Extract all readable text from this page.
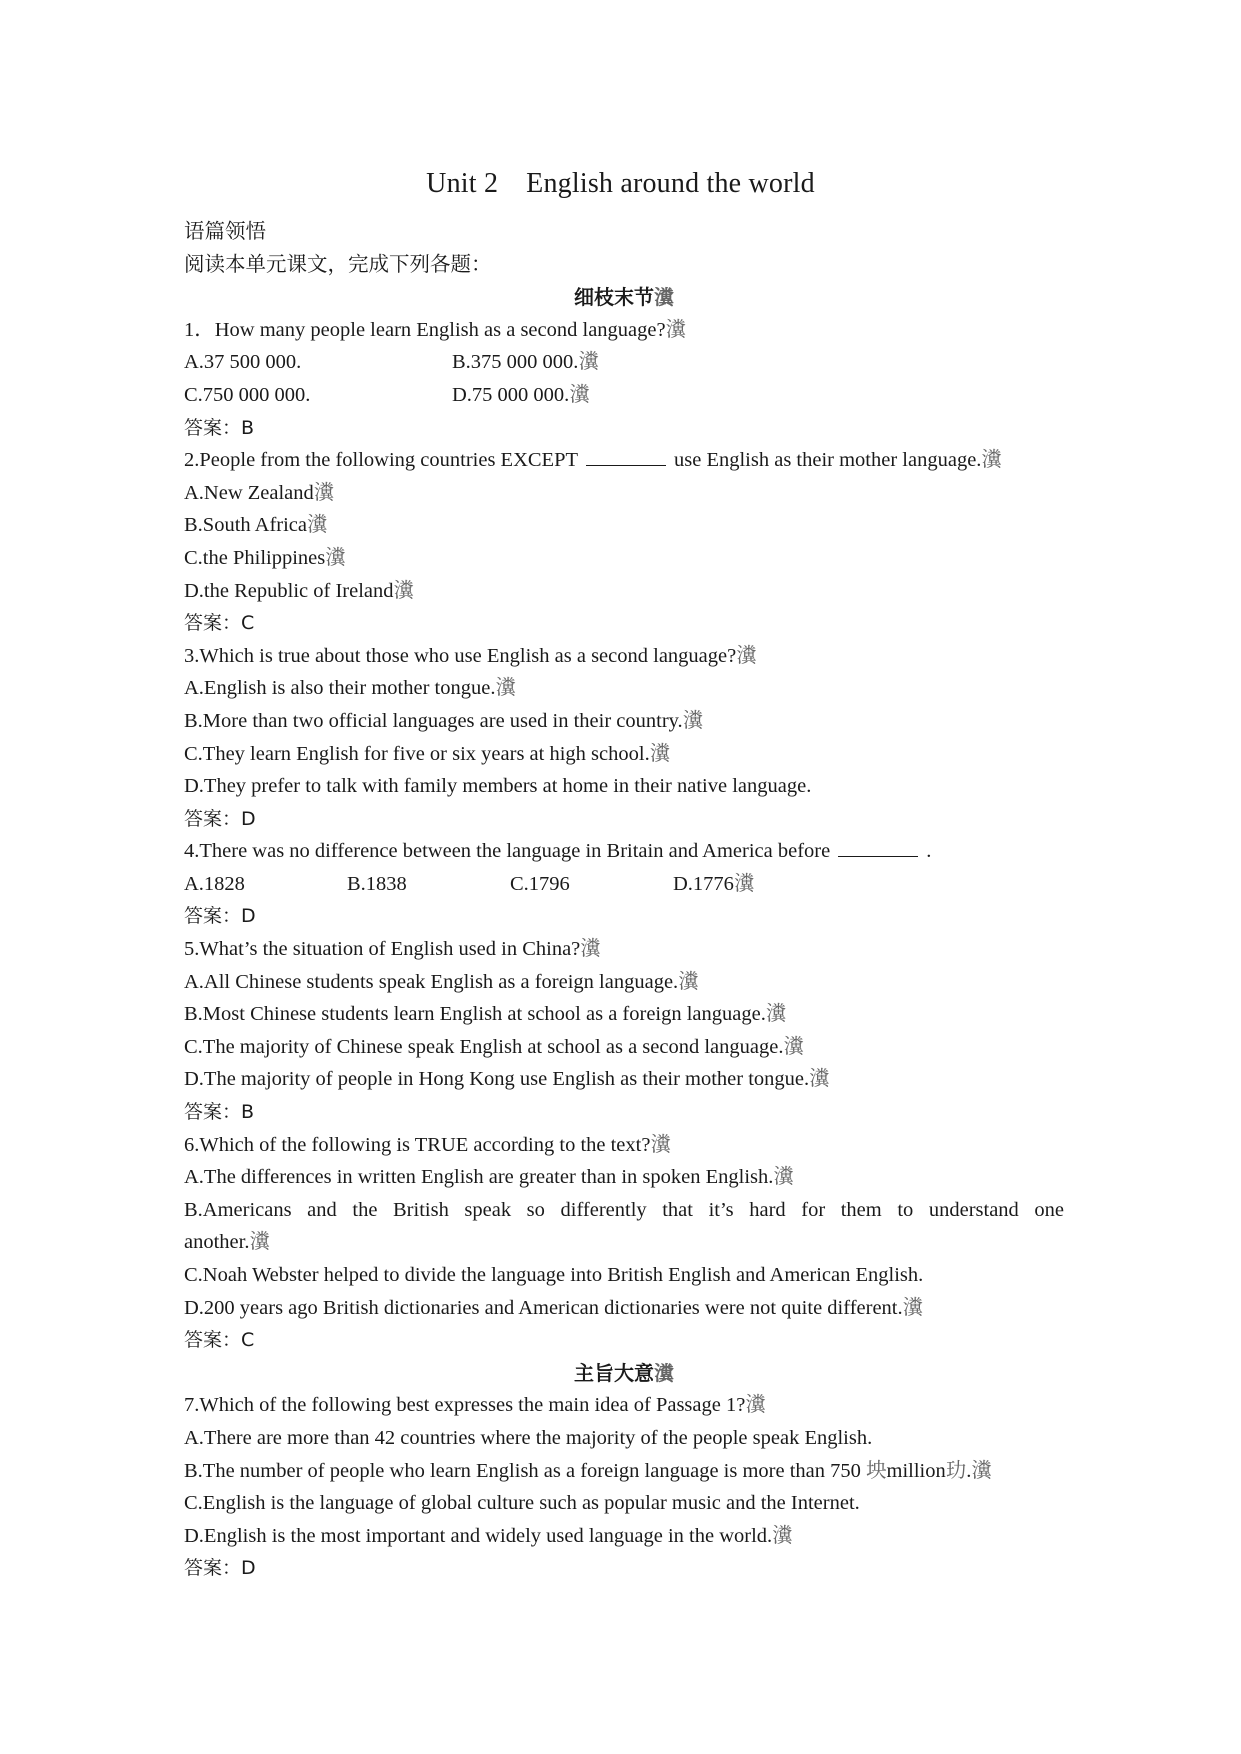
Unit 2 English around the world
语篇领悟
阅读本单元课文，完成下列各题：
细枝末节瀵
1．How many people learn English as a second language?瀵
A.37 500 000.	B.375 000 000.瀵
C.750 000 000.	D.75 000 000.瀵
答案：B
2.People from the following countries EXCEPT	use English as their mother language.瀵
A.New Zealand瀵
B.South Africa瀵
C.the Philippines瀵
D.the Republic of Ireland瀵
答案：C
3.Which is true about those who use English as a second language?瀵
A.English is also their mother tongue.瀵
B.More than two official languages are used in their country.瀵
C.They learn English for five or six years at high school.瀵
D.They prefer to talk with family members at home in their native language.
答案：D
4.There was no difference between the language in Britain and America before	.
A.1828	B.1838	C.1796	D.1776瀵
答案：D
5.What’s the situation of English used in China?瀵
A.All Chinese students speak English as a foreign language.瀵
B.Most Chinese students learn English at school as a foreign language.瀵
C.The majority of Chinese speak English at school as a second language.瀵
D.The majority of people in Hong Kong use English as their mother tongue.瀵
答案：B
6.Which of the following is TRUE according to the text?瀵
A.The differences in written English are greater than in spoken English.瀵
B.Americans and the British speak so differently that it’s hard for them to understand one
another.瀵
C.Noah Webster helped to divide the language into British English and American English.
D.200 years ago British dictionaries and American dictionaries were not quite different.瀵
答案：C
主旨大意瀵
7.Which of the following best expresses the main idea of Passage 1?瀵
A.There are more than 42 countries where the majority of the people speak English.
B.The number of people who learn English as a foreign language is more than 750 坱million玏.瀵
C.English is the language of global culture such as popular music and the Internet.
D.English is the most important and widely used language in the world.瀵
答案：D
